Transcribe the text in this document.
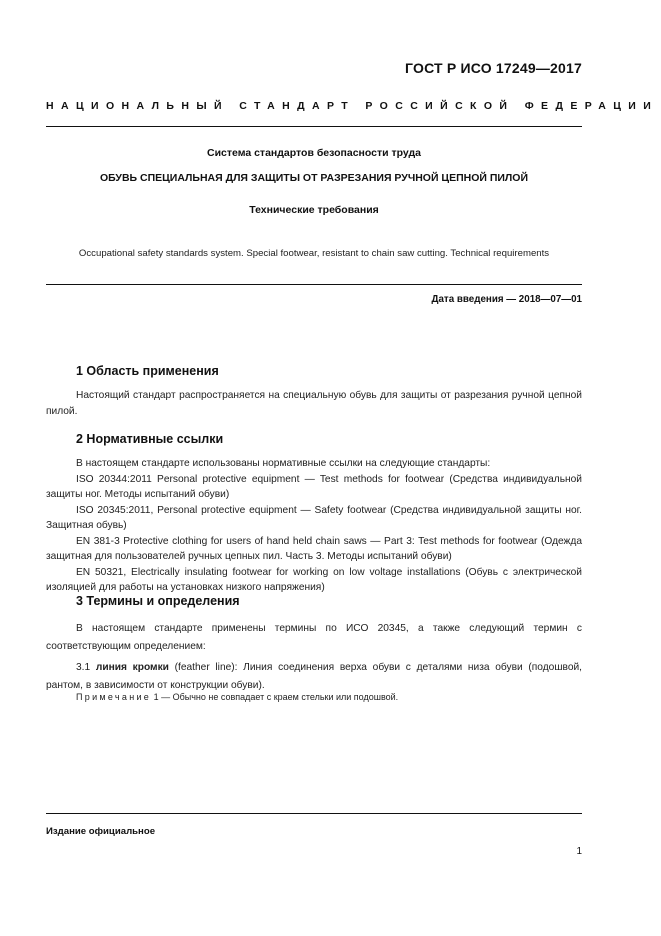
ГОСТ Р ИСО 17249—2017
НАЦИОНАЛЬНЫЙ СТАНДАРТ РОССИЙСКОЙ ФЕДЕРАЦИИ
Система стандартов безопасности труда
ОБУВЬ СПЕЦИАЛЬНАЯ ДЛЯ ЗАЩИТЫ ОТ РАЗРЕЗАНИЯ РУЧНОЙ ЦЕПНОЙ ПИЛОЙ
Технические требования
Occupational safety standards system. Special footwear, resistant to chain saw cutting. Technical requirements
Дата введения — 2018—07—01
1 Область применения

Настоящий стандарт распространяется на специальную обувь для защиты от разрезания ручной цепной пилой.

2 Нормативные ссылки

В настоящем стандарте использованы нормативные ссылки на следующие стандарты:

ISO 20344:2011 Personal protective equipment — Test methods for footwear (Средства индивидуальной защиты ног. Методы испытаний обуви)

ISO 20345:2011, Personal protective equipment — Safety footwear (Средства индивидуальной защиты ног. Защитная обувь)

EN 381-3 Protective clothing for users of hand held chain saws — Part 3: Test methods for footwear (Одежда защитная для пользователей ручных цепных пил. Часть 3. Методы испытаний обуви)

EN 50321, Electrically insulating footwear for working on low voltage installations (Обувь с электрической изоляцией для работы на установках низкого напряжения)

3 Термины и определения

В настоящем стандарте применены термины по ИСО 20345, а также следующий термин с соответствующим определением:

3.1 линия кромки (feather line): Линия соединения верха обуви с деталями низа обуви (подошвой, рантом, в зависимости от конструкции обуви).

Примечание 1 — Обычно не совпадает с краем стельки или подошвой.
Издание официальное
1
